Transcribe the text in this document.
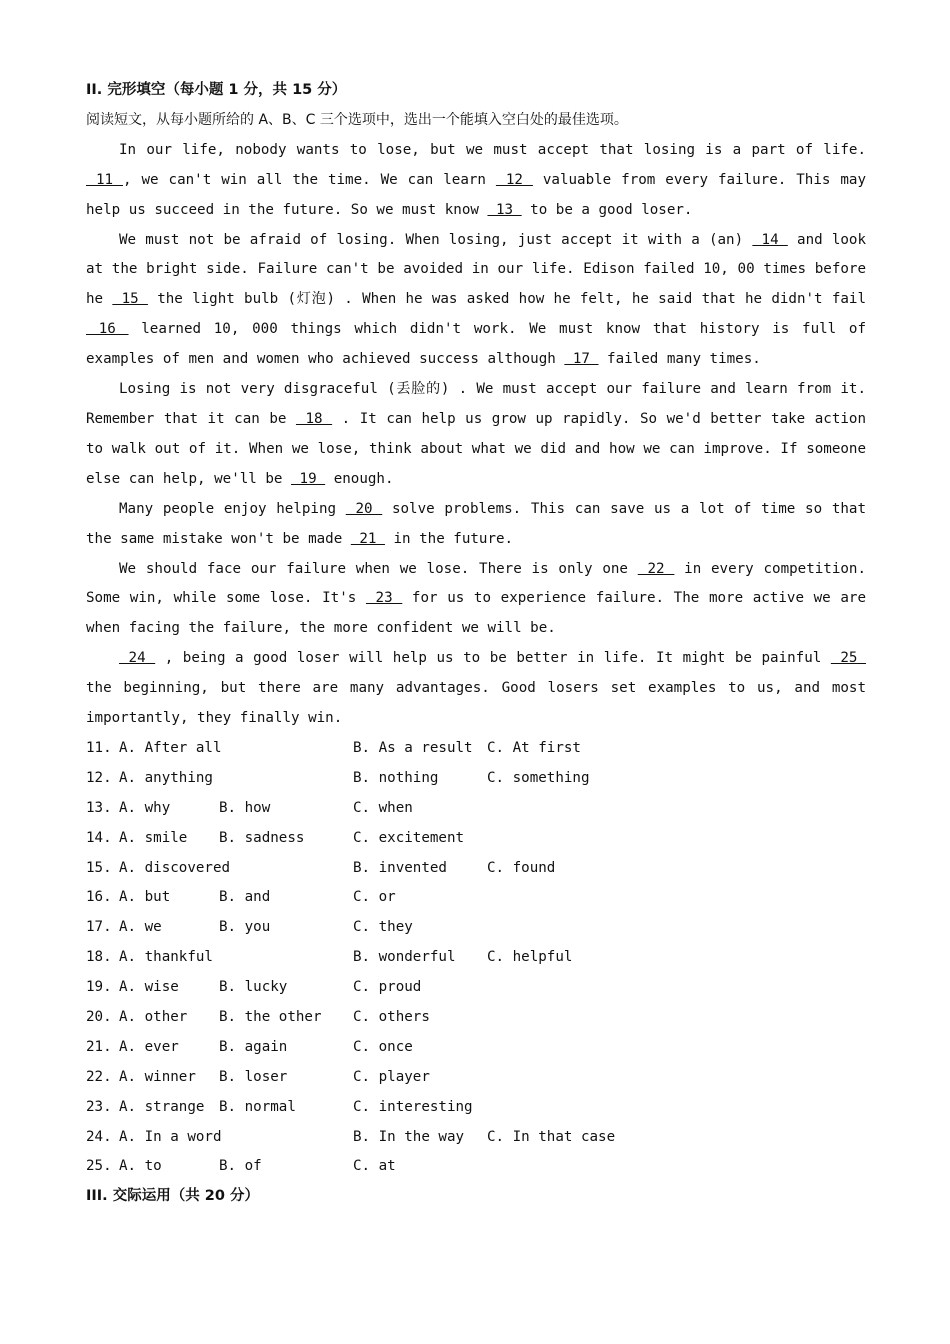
II. 完形填空（每小题 1 分，共 15 分）
阅读短文，从每小题所给的 A、B、C 三个选项中，选出一个能填入空白处的最佳选项。

In our life, nobody wants to lose, but we must accept that losing is a part of life.  11 , we can't win all the time. We can learn  12  valuable from every failure. This may help us succeed in the future. So we must know  13  to be a good loser.

We must not be afraid of losing. When losing, just accept it with a (an)  14  and look at the bright side. Failure can't be avoided in our life. Edison failed 10, 00 times before he  15  the light bulb (灯泡) . When he was asked how he felt, he said that he didn't fail  16  learned 10, 000 things which didn't work. We must know that history is full of examples of men and women who achieved success although  17  failed many times.

Losing is not very disgraceful (丢脸的) . We must accept our failure and learn from it. Remember that it can be  18  . It can help us grow up rapidly. So we'd better take action to walk out of it. When we lose, think about what we did and how we can improve. If someone else can help, we'll be  19  enough.

Many people enjoy helping  20  solve problems. This can save us a lot of time so that the same mistake won't be made  21  in the future.

We should face our failure when we lose. There is only one  22  in every competition. Some win, while some lose. It's  23  for us to experience failure. The more active we are when facing the failure, the more confident we will be.

24  , being a good loser will help us to be better in life. It might be painful  25  the beginning, but there are many advantages. Good losers set examples to us, and most importantly, they finally win.

11. A. After all	B. As a result	C. At first
12. A. anything	B. nothing	C. something
13. A. why	B. how	C. when
14. A. smile	B. sadness	C. excitement
15. A. discovered	B. invented	C. found
16. A. but	B. and	C. or
17. A. we	B. you	C. they
18. A. thankful	B. wonderful	C. helpful
19. A. wise	B. lucky	C. proud
20. A. other	B. the other	C. others
21. A. ever	B. again	C. once
22. A. winner	B. loser	C. player
23. A. strange	B. normal	C. interesting
24. A. In a word	B. In the way	C. In that case
25. A. to	B. of	C. at
III. 交际运用（共 20 分）
